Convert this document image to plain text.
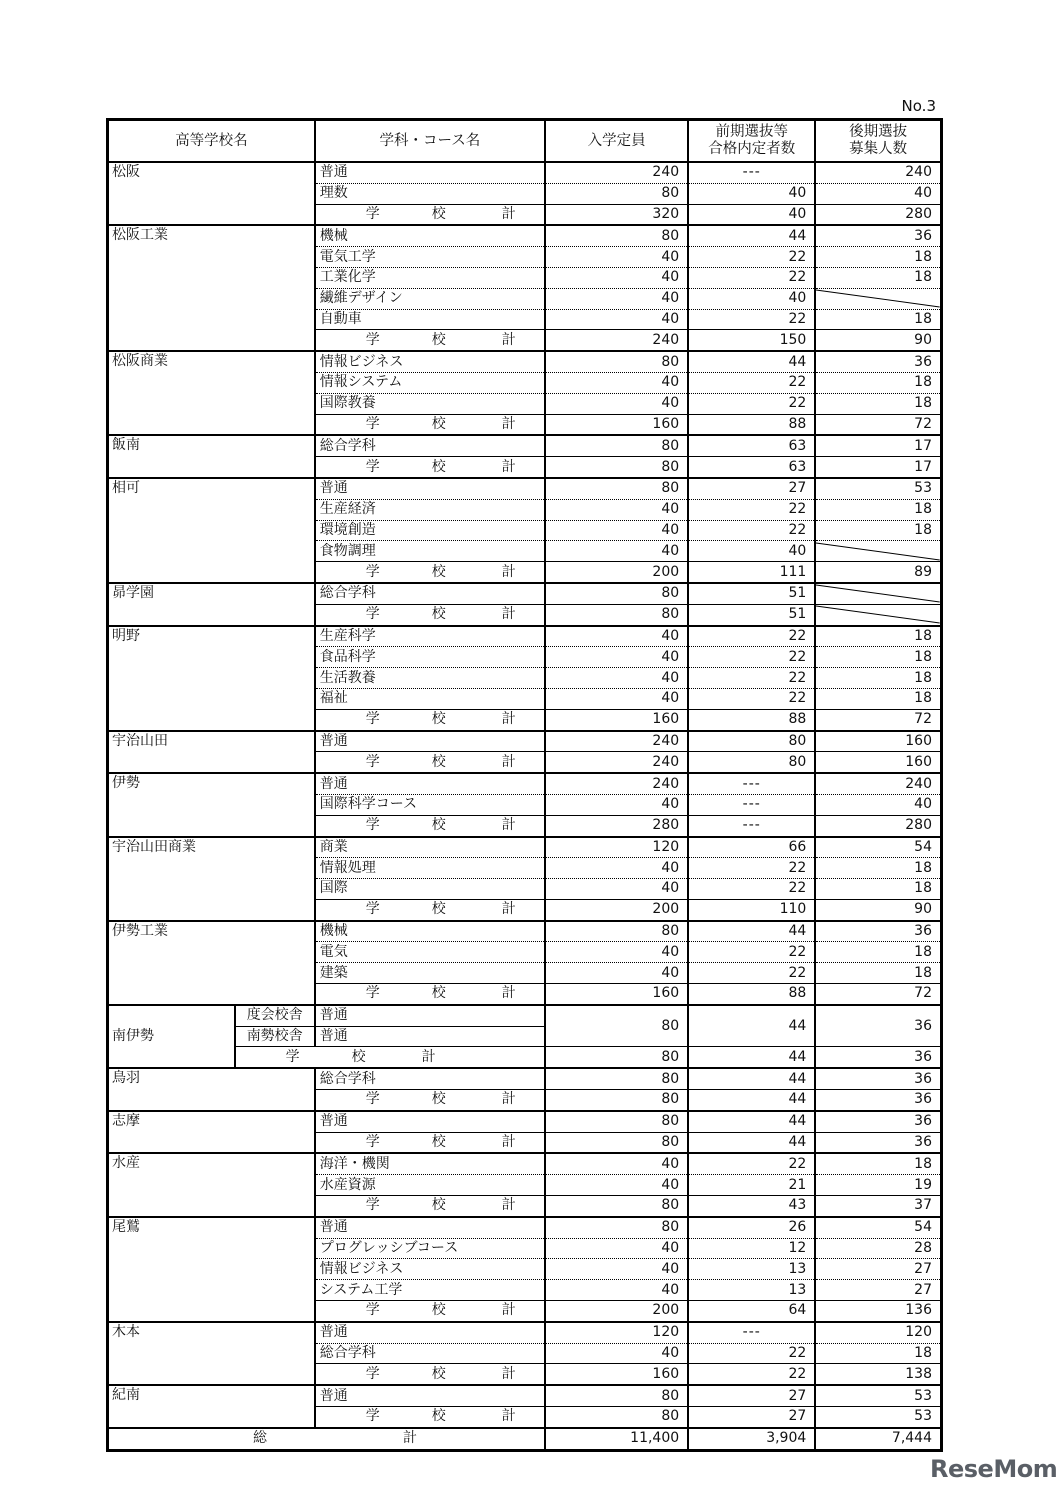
No.3
高等学校名		学科・コース名	入学定員	前期選抜等
合格内定者数	後期選抜
募集人数
松阪		普通	240	---	240
		理数	80	40	40
		学 校 計	320	40	280
松阪工業		機械	80	44	36
		電気工学	40	22	18
		工業化学	40	22	18
		繊維デザイン	40	40	

		自動車	40	22	18
		学 校 計	240	150	90
松阪商業		情報ビジネス	80	44	36
		情報システム	40	22	18
		国際教養	40	22	18
		学 校 計	160	88	72
飯南		総合学科	80	63	17
		学 校 計	80	63	17
相可		普通	80	27	53
		生産経済	40	22	18
		環境創造	40	22	18
		食物調理	40	40	

		学 校 計	200	111	89
昴学園		総合学科	80	51	

		学 校 計	80	51	

明野		生産科学	40	22	18
		食品科学	40	22	18
		生活教養	40	22	18
		福祉	40	22	18
		学 校 計	160	88	72
宇治山田		普通	240	80	160
		学 校 計	240	80	160
伊勢		普通	240	---	240
		国際科学コース	40	---	40
		学 校 計	280	---	280
宇治山田商業		商業	120	66	54
		情報処理	40	22	18
		国際	40	22	18
		学 校 計	200	110	90
伊勢工業		機械	80	44	36
		電気	40	22	18
		建築	40	22	18
		学 校 計	160	88	72
南伊勢	度会校舎	普通	80	44	36
	南勢校舎	普通			
	学 校 計		80	44	36
鳥羽		総合学科	80	44	36
		学 校 計	80	44	36
志摩		普通	80	44	36
		学 校 計	80	44	36
水産		海洋・機関	40	22	18
		水産資源	40	21	19
		学 校 計	80	43	37
尾鷲		普通	80	26	54
		プログレッシブコース	40	12	28
		情報ビジネス	40	13	27
		システム工学	40	13	27
		学 校 計	200	64	136
木本		普通	120	---	120
		総合学科	40	22	18
		学 校 計	160	22	138
紀南		普通	80	27	53
		学 校 計	80	27	53
総 計			11,400	3,904	7,444
ReseMom
